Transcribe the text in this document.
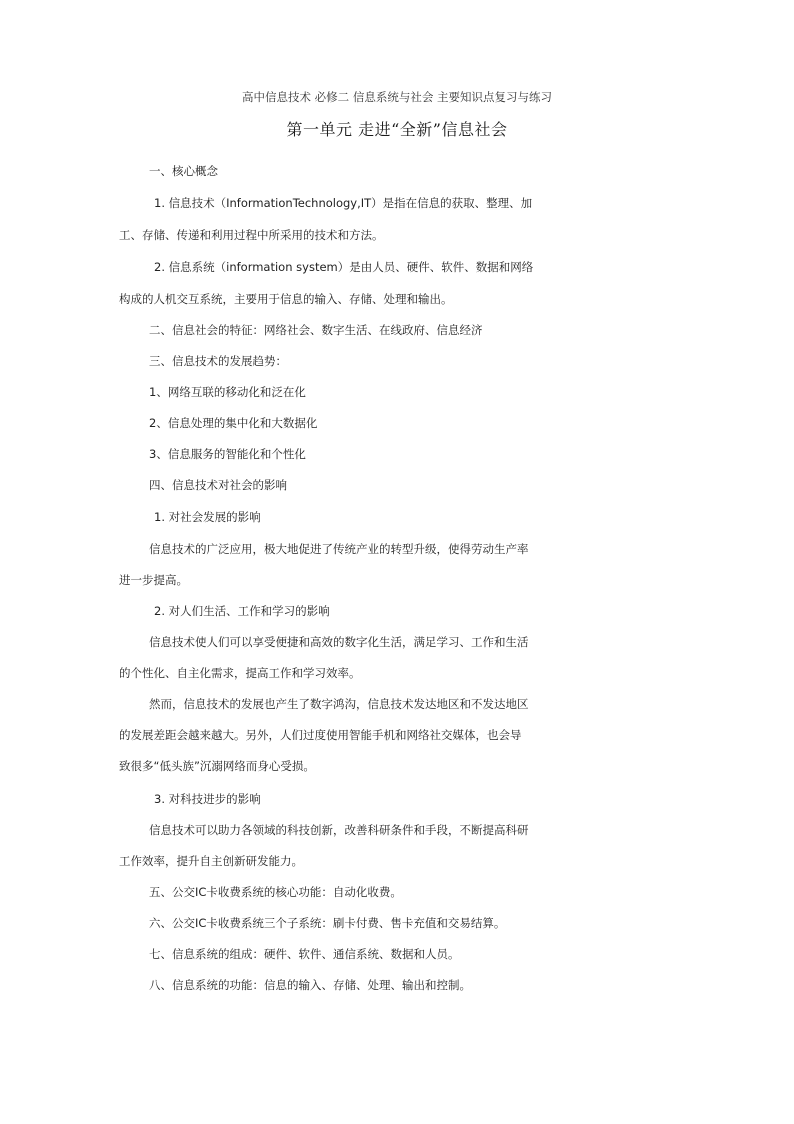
高中信息技术 必修二 信息系统与社会 主要知识点复习与练习
第一单元 走进“全新”信息社会
一、核心概念
1. 信息技术（InformationTechnology,IT）是指在信息的获取、整理、加
工、存储、传递和利用过程中所采用的技术和方法。
2. 信息系统（information system）是由人员、硬件、软件、数据和网络
构成的人机交互系统，主要用于信息的输入、存储、处理和输出。
二、信息社会的特征：网络社会、数字生活、在线政府、信息经济
三、信息技术的发展趋势：
1、网络互联的移动化和泛在化
2、信息处理的集中化和大数据化
3、信息服务的智能化和个性化
四、信息技术对社会的影响
1. 对社会发展的影响
信息技术的广泛应用，极大地促进了传统产业的转型升级，使得劳动生产率
进一步提高。
2. 对人们生活、工作和学习的影响
信息技术使人们可以享受便捷和高效的数字化生活，满足学习、工作和生活
的个性化、自主化需求，提高工作和学习效率。
然而，信息技术的发展也产生了数字鸿沟，信息技术发达地区和不发达地区
的发展差距会越来越大。另外，人们过度使用智能手机和网络社交媒体，也会导
致很多“低头族”沉溺网络而身心受损。
3. 对科技进步的影响
信息技术可以助力各领域的科技创新，改善科研条件和手段，不断提高科研
工作效率，提升自主创新研发能力。
五、公交IC卡收费系统的核心功能：自动化收费。
六、公交IC卡收费系统三个子系统：刷卡付费、售卡充值和交易结算。
七、信息系统的组成：硬件、软件、通信系统、数据和人员。
八、信息系统的功能：信息的输入、存储、处理、输出和控制。
